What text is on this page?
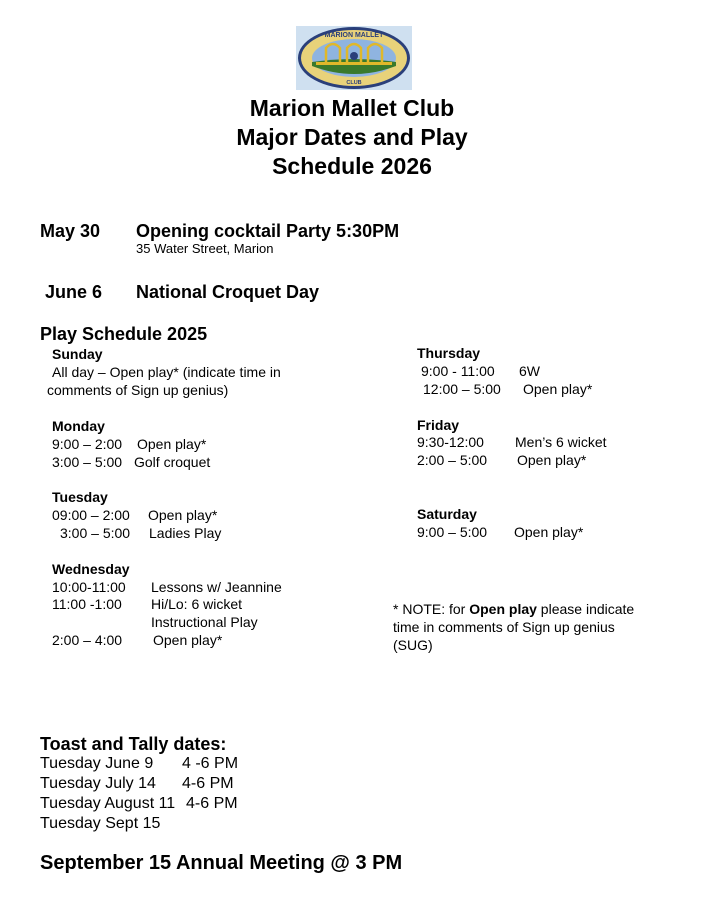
MARION MALLET
CLUB
Marion Mallet Club
Major Dates and Play
Schedule 2026
May 30 Opening cocktail Party 5:30PM
35 Water Street, Marion
June 6 National Croquet Day
Play Schedule 2025
Sunday
All day – Open play* (indicate time in
comments of Sign up genius)
Monday
9:00 – 2:00 Open play*
3:00 – 5:00 Golf croquet
Tuesday
09:00 – 2:00 Open play*
3:00 – 5:00 Ladies Play
Wednesday
10:00-11:00 Lessons w/ Jeannine
11:00 -1:00 Hi/Lo: 6 wicket
Instructional Play
2:00 – 4:00 Open play*
Thursday
9:00 - 11:00 6W
12:00 – 5:00 Open play*
Friday
9:30-12:00 Men’s 6 wicket
2:00 – 5:00 Open play*
Saturday
9:00 – 5:00 Open play*
* NOTE: for Open play please indicate
time in comments of Sign up genius
(SUG)
Toast and Tally dates:
Tuesday June 9 4 -6 PM
Tuesday July 14 4-6 PM
Tuesday August 11 4-6 PM
Tuesday Sept 15
September 15 Annual Meeting @ 3 PM
